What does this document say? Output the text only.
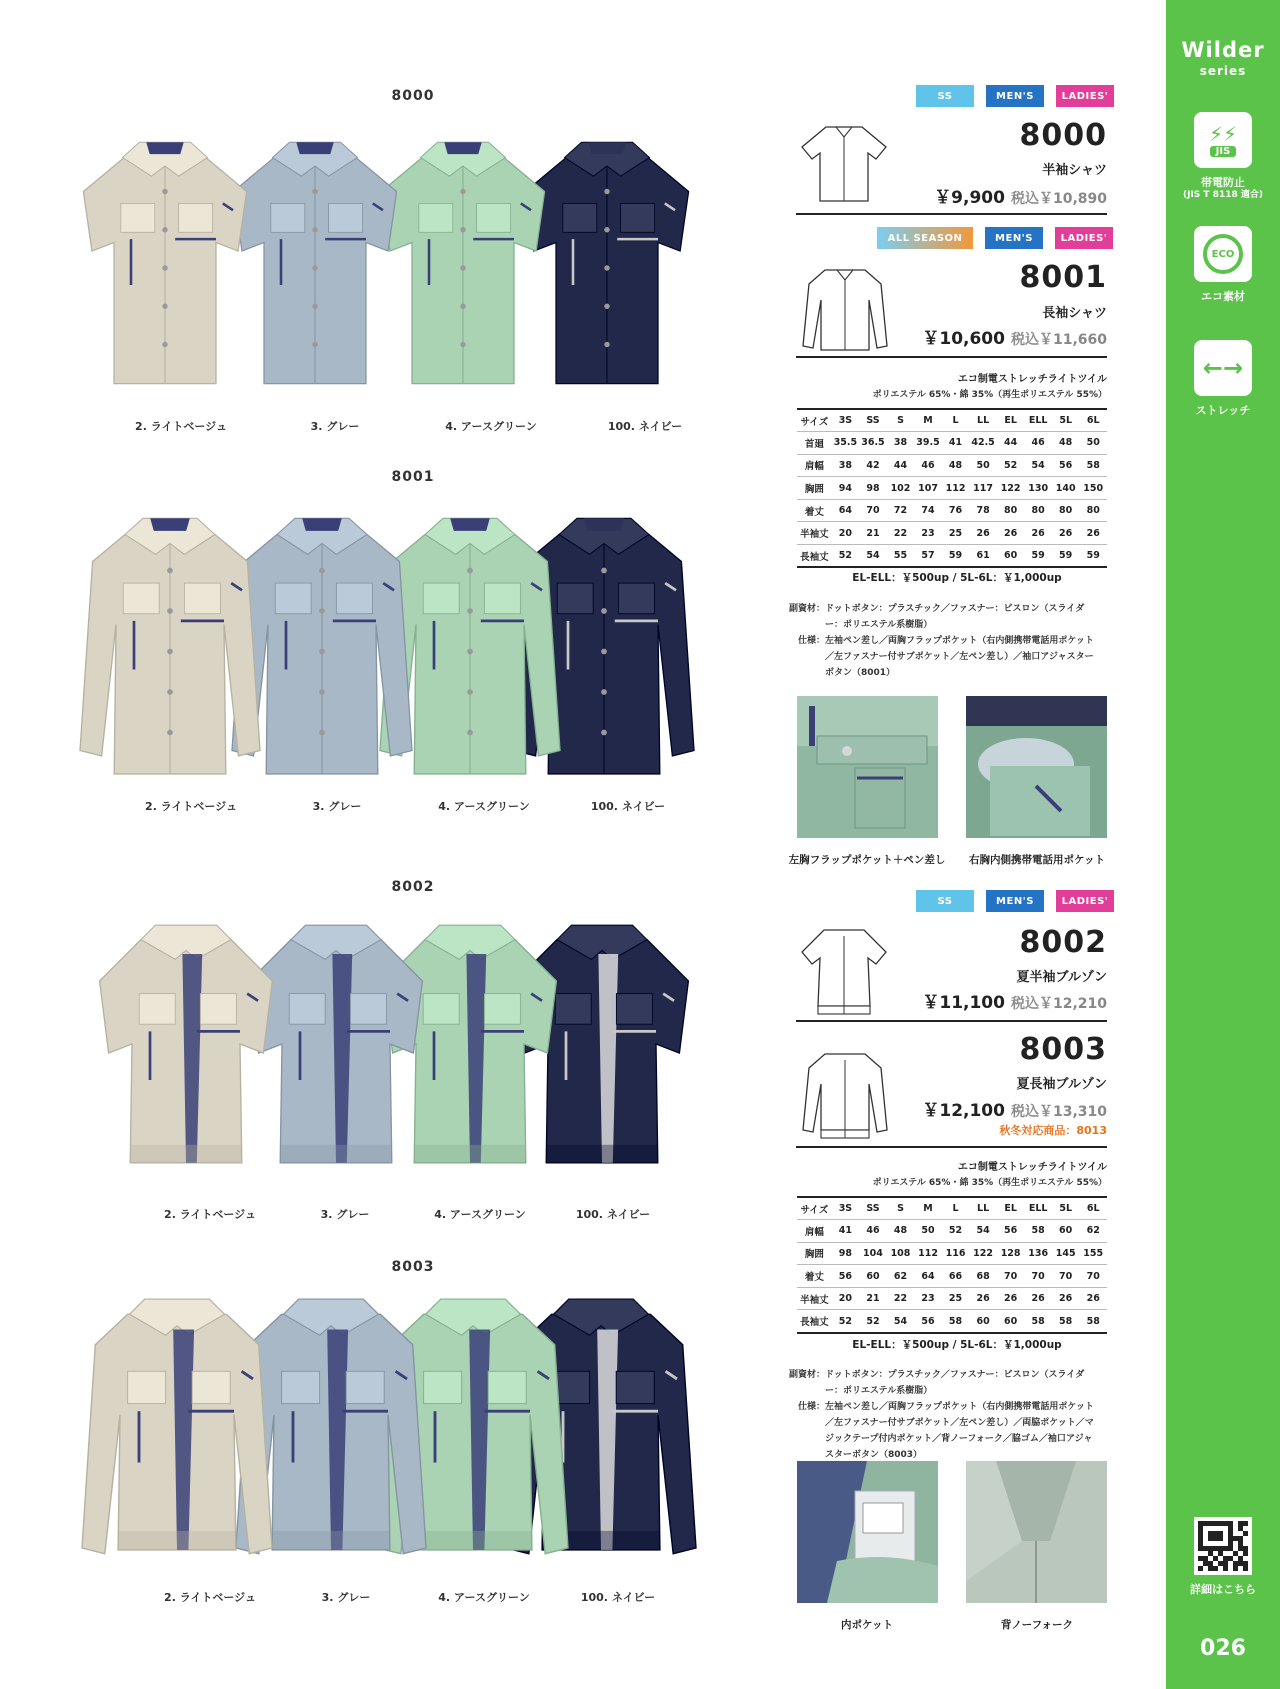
Wilder
series
⚡⚡
JIS
帯電防止
(JIS T 8118 適合)
ECO
エコ素材
←→
ストレッチ
詳細はこちら
026
8000
8001
8002
8003
2. ライトベージュ	3. グレー	4. アースグリーン	100. ネイビー
2. ライトベージュ	3. グレー	4. アースグリーン	100. ネイビー
2. ライトベージュ	3. グレー	4. アースグリーン	100. ネイビー
2. ライトベージュ	3. グレー	4. アースグリーン	100. ネイビー
SS	MEN'S	LADIES'
8000
半袖シャツ
￥9,900 税込￥10,890
ALL SEASON	MEN'S	LADIES'
8001
長袖シャツ
￥10,600 税込￥11,660
エコ制電ストレッチライトツイル
ポリエステル 65%・綿 35%（再生ポリエステル 55%）
サイズ	3S	SS	S	M	L	LL	EL	ELL	5L	6L
首廻	35.5	36.5	38	39.5	41	42.5	44	46	48	50
肩幅	38	42	44	46	48	50	52	54	56	58
胸囲	94	98	102	107	112	117	122	130	140	150
着丈	64	70	72	74	76	78	80	80	80	80
半袖丈	20	21	22	23	25	26	26	26	26	26
長袖丈	52	54	55	57	59	61	60	59	59	59
EL-ELL：￥500up / 5L-6L：￥1,000up
副資材：ドットボタン：プラスチック／ファスナー：ビスロン（スライダー：ポリエステル系樹脂）
仕様：左袖ペン差し／両胸フラップポケット（右内側携帯電話用ポケット／左ファスナー付サブポケット／左ペン差し）／袖口アジャスターボタン（8001）
左胸フラップポケット＋ペン差し	右胸内側携帯電話用ポケット
SS	MEN'S	LADIES'
8002
夏半袖ブルゾン
￥11,100 税込￥12,210
8003
夏長袖ブルゾン
￥12,100 税込￥13,310
秋冬対応商品：8013
エコ制電ストレッチライトツイル
ポリエステル 65%・綿 35%（再生ポリエステル 55%）
サイズ	3S	SS	S	M	L	LL	EL	ELL	5L	6L
肩幅	41	46	48	50	52	54	56	58	60	62
胸囲	98	104	108	112	116	122	128	136	145	155
着丈	56	60	62	64	66	68	70	70	70	70
半袖丈	20	21	22	23	25	26	26	26	26	26
長袖丈	52	52	54	56	58	60	60	58	58	58
EL-ELL：￥500up / 5L-6L：￥1,000up
副資材：ドットボタン：プラスチック／ファスナー：ビスロン（スライダー：ポリエステル系樹脂）
仕様：左袖ペン差し／両胸フラップポケット（右内側携帯電話用ポケット／左ファスナー付サブポケット／左ペン差し）／両脇ポケット／マジックテープ付内ポケット／背ノーフォーク／脇ゴム／袖口アジャスターボタン（8003）
内ポケット	背ノーフォーク
